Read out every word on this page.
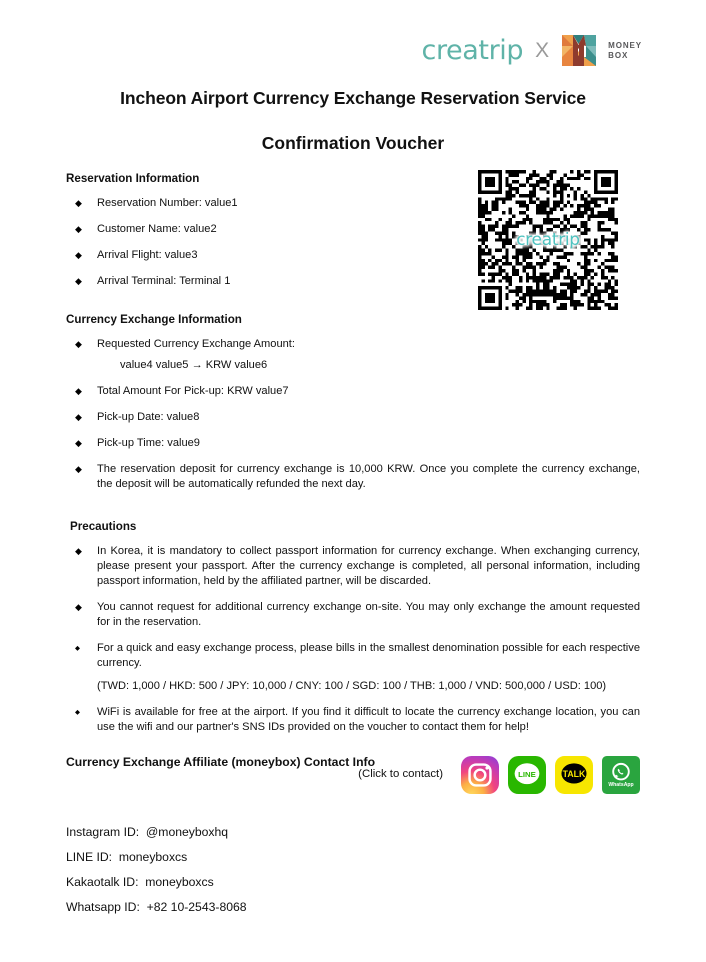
creatrip X	MONEY
BOX
Incheon Airport Currency Exchange Reservation Service
Confirmation Voucher
creatrip
Reservation Information
◆	Reservation Number: value1
◆	Customer Name: value2
◆	Arrival Flight: value3
◆	Arrival Terminal: Terminal 1
Currency Exchange Information
◆	Requested Currency Exchange Amount:
value4 value5 → KRW value6
◆	Total Amount For Pick-up: KRW value7
◆	Pick-up Date: value8
◆	Pick-up Time: value9
◆	The reservation deposit for currency exchange is 10,000 KRW. Once you complete the currency exchange, the deposit will be automatically refunded the next day.
Precautions
◆	In Korea, it is mandatory to collect passport information for currency exchange. When exchanging currency, please present your passport. After the currency exchange is completed, all personal information, including passport information, held by the affiliated partner, will be discarded.
◆	You cannot request for additional currency exchange on-site. You may only exchange the amount requested for in the reservation.
◆	For a quick and easy exchange process, please bills in the smallest denomination possible for each respective currency.
(TWD: 1,000 / HKD: 500 / JPY: 10,000 / CNY: 100 / SGD: 100 / THB: 1,000 / VND: 500,000 / USD: 100)
◆	WiFi is available for free at the airport. If you find it difficult to locate the currency exchange location, you can use the wifi and our partner's SNS IDs provided on the voucher to contact them for help!
Currency Exchange Affiliate (moneybox) Contact Info
(Click to contact)	LINE	TALK
WhatsApp
Instagram ID:  @moneyboxhq
LINE ID:  moneyboxcs
Kakaotalk ID:  moneyboxcs
Whatsapp ID:  +82 10-2543-8068
